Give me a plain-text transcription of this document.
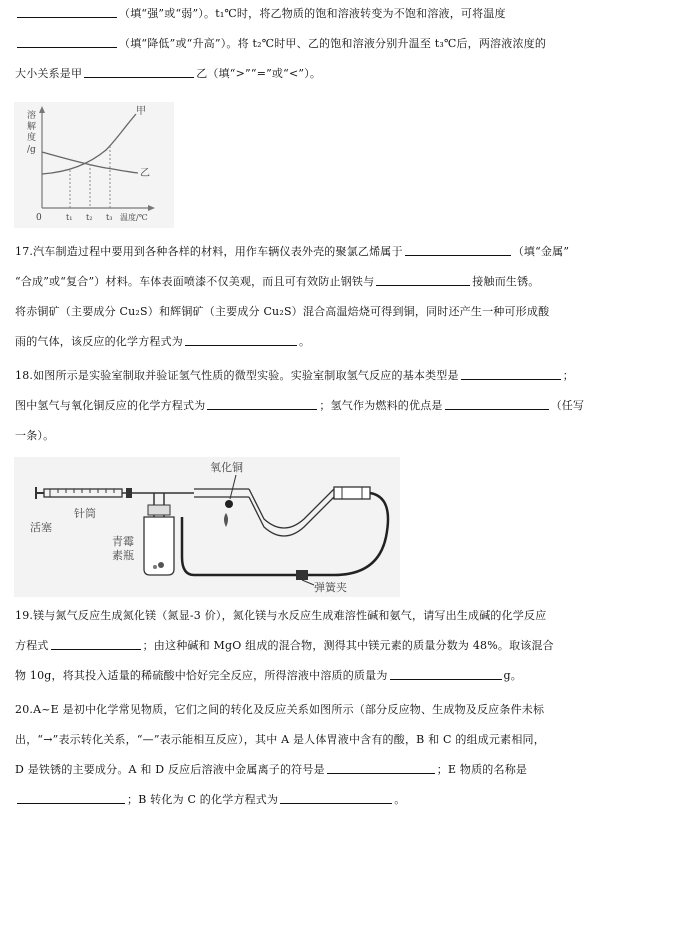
（填“强”或“弱”）。t₁℃时，将乙物质的饱和溶液转变为不饱和溶液，可将温度
（填“降低”或“升高”）。将 t₂℃时甲、乙的饱和溶液分别升温至 t₃℃后，两溶液浓度的
大小关系是甲	乙（填“>”“=”或“<”）。
溶
解
度
/g
甲
乙
0	t₁ t₂ t₃ 温度/℃
17.汽车制造过程中要用到各种各样的材料，用作车辆仪表外壳的聚氯乙烯属于	（填“金属”
“合成”或“复合”）材料。车体表面喷漆不仅美观，而且可有效防止钢铁与	接触而生锈。
将赤铜矿（主要成分 Cu₂S）和辉铜矿（主要成分 Cu₂S）混合高温焙烧可得到铜，同时还产生一种可形成酸
雨的气体，该反应的化学方程式为	。
18.如图所示是实验室制取并验证氢气性质的微型实验。实验室制取氢气反应的基本类型是	；
图中氢气与氧化铜反应的化学方程式为	；氢气作为燃料的优点是	（任写
一条）。
氧化铜
针筒
活塞
青霉
素瓶
弹簧夹
19.镁与氮气反应生成氮化镁（氮显-3 价），氮化镁与水反应生成难溶性碱和氨气，请写出生成碱的化学反应
方程式	；由这种碱和 MgO 组成的混合物，测得其中镁元素的质量分数为 48%。取该混合
物 10g，将其投入适量的稀硫酸中恰好完全反应，所得溶液中溶质的质量为	g。
20.A~E 是初中化学常见物质，它们之间的转化及反应关系如图所示（部分反应物、生成物及反应条件未标
出，“→”表示转化关系，“—”表示能相互反应），其中 A 是人体胃液中含有的酸，B 和 C 的组成元素相同，
D 是铁锈的主要成分。A 和 D 反应后溶液中金属离子的符号是	；E 物质的名称是
；B 转化为 C 的化学方程式为	。
